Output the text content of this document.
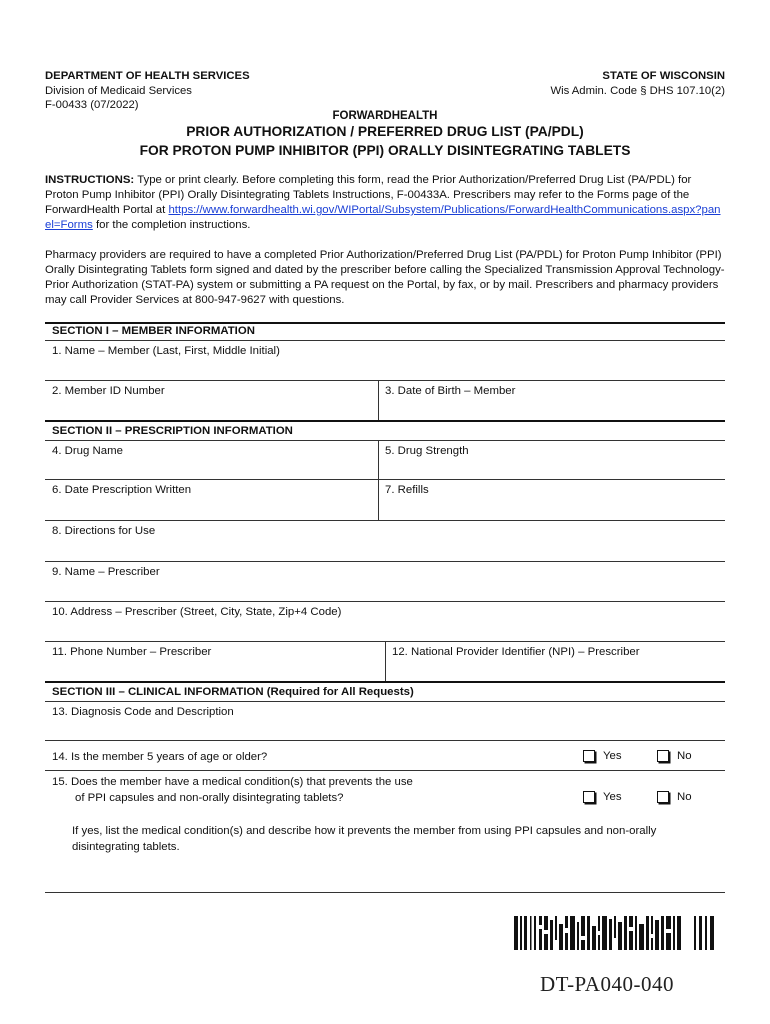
DEPARTMENT OF HEALTH SERVICES
Division of Medicaid Services
F-00433 (07/2022)
STATE OF WISCONSIN
Wis Admin. Code § DHS 107.10(2)
FORWARDHEALTH
PRIOR AUTHORIZATION / PREFERRED DRUG LIST (PA/PDL)
FOR PROTON PUMP INHIBITOR (PPI) ORALLY DISINTEGRATING TABLETS
INSTRUCTIONS: Type or print clearly. Before completing this form, read the Prior Authorization/Preferred Drug List (PA/PDL) for Proton Pump Inhibitor (PPI) Orally Disintegrating Tablets Instructions, F-00433A. Prescribers may refer to the Forms page of the ForwardHealth Portal at https://www.forwardhealth.wi.gov/WIPortal/Subsystem/Publications/ForwardHealthCommunications.aspx?panel=Forms for the completion instructions.
Pharmacy providers are required to have a completed Prior Authorization/Preferred Drug List (PA/PDL) for Proton Pump Inhibitor (PPI) Orally Disintegrating Tablets form signed and dated by the prescriber before calling the Specialized Transmission Approval Technology-Prior Authorization (STAT-PA) system or submitting a PA request on the Portal, by fax, or by mail. Prescribers and pharmacy providers may call Provider Services at 800-947-9627 with questions.
SECTION I – MEMBER INFORMATION
1. Name – Member (Last, First, Middle Initial)
2. Member ID Number	3. Date of Birth – Member
SECTION II – PRESCRIPTION INFORMATION
4. Drug Name	5. Drug Strength
6. Date Prescription Written	7. Refills
8. Directions for Use
9. Name – Prescriber
10. Address – Prescriber (Street, City, State, Zip+4 Code)
11. Phone Number – Prescriber	12. National Provider Identifier (NPI) – Prescriber
SECTION III – CLINICAL INFORMATION (Required for All Requests)
13. Diagnosis Code and Description
14. Is the member 5 years of age or older?	Yes	No
15. Does the member have a medical condition(s) that prevents the use
of PPI capsules and non-orally disintegrating tablets?	Yes	No
If yes, list the medical condition(s) and describe how it prevents the member from using PPI capsules and non-orally disintegrating tablets.
DT-PA040-040
